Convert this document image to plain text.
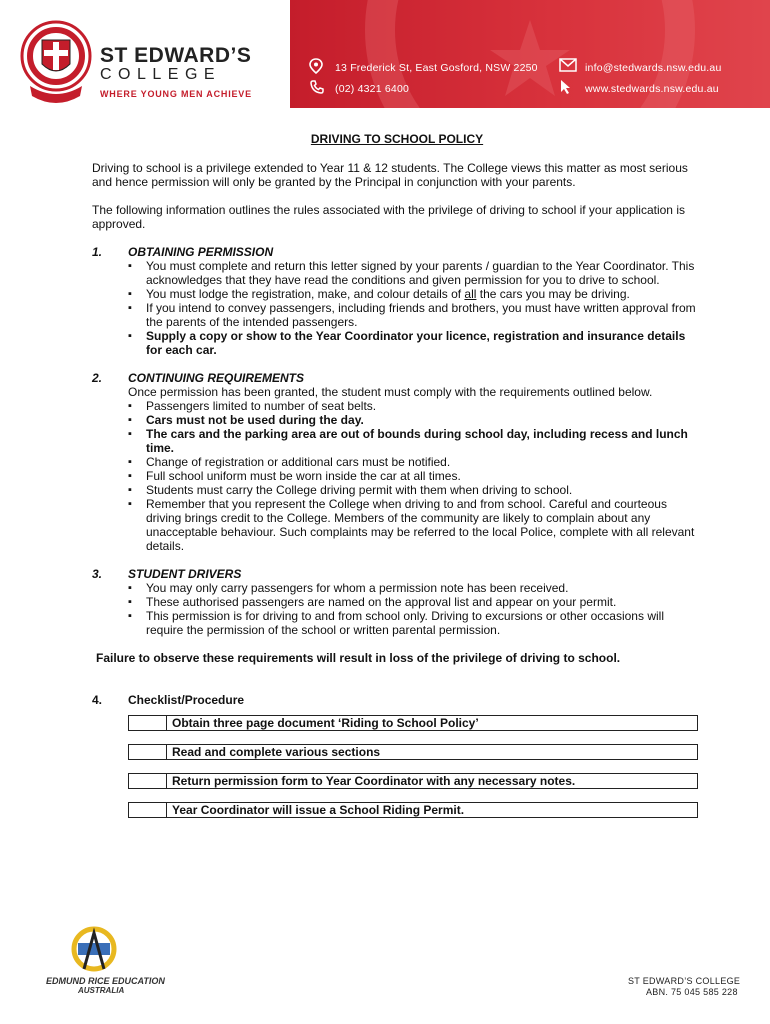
ST EDWARD’S
COLLEGE
WHERE YOUNG MEN ACHIEVE
13 Frederick St, East Gosford, NSW 2250
(02) 4321 6400
info@stedwards.nsw.edu.au
www.stedwards.nsw.edu.au

DRIVING TO SCHOOL POLICY

Driving to school is a privilege extended to Year 11 & 12 students. The College views this matter as most serious and hence permission will only be granted by the Principal in conjunction with your parents.

The following information outlines the rules associated with the privilege of driving to school if your application is approved.

1. OBTAINING PERMISSION
▪ You must complete and return this letter signed by your parents / guardian to the Year Coordinator. This acknowledges that they have read the conditions and given permission for you to drive to school.
▪ You must lodge the registration, make, and colour details of all the cars you may be driving.
▪ If you intend to convey passengers, including friends and brothers, you must have written approval from the parents of the intended passengers.
▪ Supply a copy or show to the Year Coordinator your licence, registration and insurance details for each car.
2. CONTINUING REQUIREMENTS

Once permission has been granted, the student must comply with the requirements outlined below.

▪ Passengers limited to number of seat belts.
▪ Cars must not be used during the day.
▪ The cars and the parking area are out of bounds during school day, including recess and lunch time.
▪ Change of registration or additional cars must be notified.
▪ Full school uniform must be worn inside the car at all times.
▪ Students must carry the College driving permit with them when driving to school.
▪ Remember that you represent the College when driving to and from school. Careful and courteous driving brings credit to the College. Members of the community are likely to complain about any unacceptable behaviour. Such complaints may be referred to the local Police, complete with all relevant details.
3. STUDENT DRIVERS
▪ You may only carry passengers for whom a permission note has been received.
▪ These authorised passengers are named on the approval list and appear on your permit.
▪ This permission is for driving to and from school only. Driving to excursions or other occasions will require the permission of the school or written parental permission.

Failure to observe these requirements will result in loss of the privilege of driving to school.

4. Checklist/Procedure
Obtain three page document ‘Riding to School Policy’
Read and complete various sections
Return permission form to Year Coordinator with any necessary notes.
Year Coordinator will issue a School Riding Permit.
EDMUND RICE EDUCATION
AUSTRALIA
ST EDWARD’S COLLEGE
ABN. 75 045 585 228
